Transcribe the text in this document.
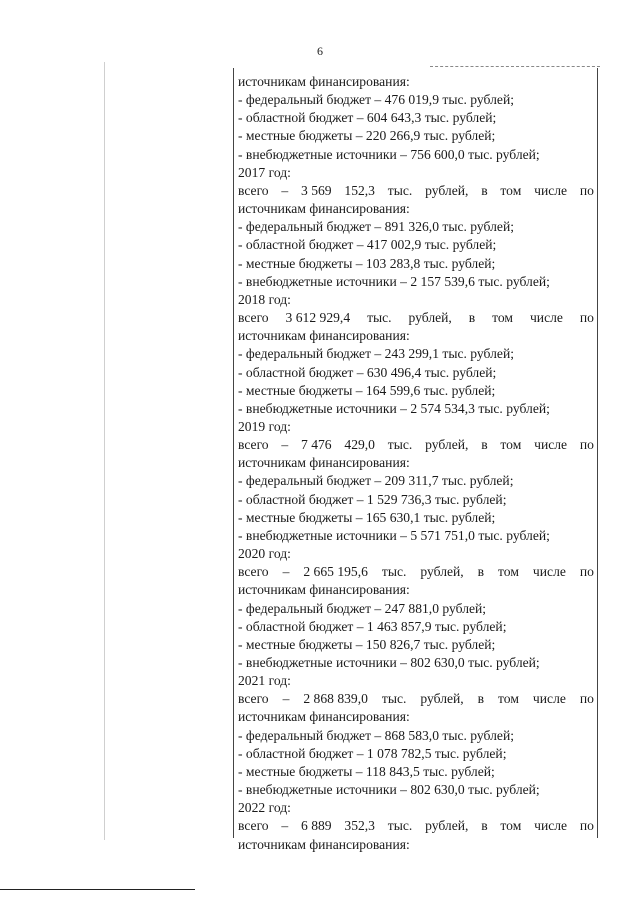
6
источникам финансирования:
- федеральный бюджет – 476 019,9 тыс. рублей;
- областной бюджет – 604 643,3 тыс. рублей;
- местные бюджеты – 220 266,9 тыс. рублей;
- внебюджетные источники – 756 600,0 тыс. рублей;
2017 год:
всего – 3 569 152,3 тыс. рублей, в том числе по
источникам финансирования:
- федеральный бюджет – 891 326,0 тыс. рублей;
- областной бюджет – 417 002,9 тыс. рублей;
- местные бюджеты – 103 283,8 тыс. рублей;
- внебюджетные источники – 2 157 539,6 тыс. рублей;
2018 год:
всего 3 612 929,4 тыс. рублей, в том числе по
источникам финансирования:
- федеральный бюджет – 243 299,1 тыс. рублей;
- областной бюджет – 630 496,4 тыс. рублей;
- местные бюджеты – 164 599,6 тыс. рублей;
- внебюджетные источники – 2 574 534,3 тыс. рублей;
2019 год:
всего – 7 476 429,0 тыс. рублей, в том числе по
источникам финансирования:
- федеральный бюджет – 209 311,7 тыс. рублей;
- областной бюджет – 1 529 736,3 тыс. рублей;
- местные бюджеты – 165 630,1 тыс. рублей;
- внебюджетные источники – 5 571 751,0 тыс. рублей;
2020 год:
всего – 2 665 195,6 тыс. рублей, в том числе по
источникам финансирования:
- федеральный бюджет – 247 881,0 рублей;
- областной бюджет – 1 463 857,9 тыс. рублей;
- местные бюджеты – 150 826,7 тыс. рублей;
- внебюджетные источники – 802 630,0 тыс. рублей;
2021 год:
всего – 2 868 839,0 тыс. рублей, в том числе по
источникам финансирования:
- федеральный бюджет – 868 583,0 тыс. рублей;
- областной бюджет – 1 078 782,5 тыс. рублей;
- местные бюджеты – 118 843,5 тыс. рублей;
- внебюджетные источники – 802 630,0 тыс. рублей;
2022 год:
всего – 6 889 352,3 тыс. рублей, в том числе по
источникам финансирования:
